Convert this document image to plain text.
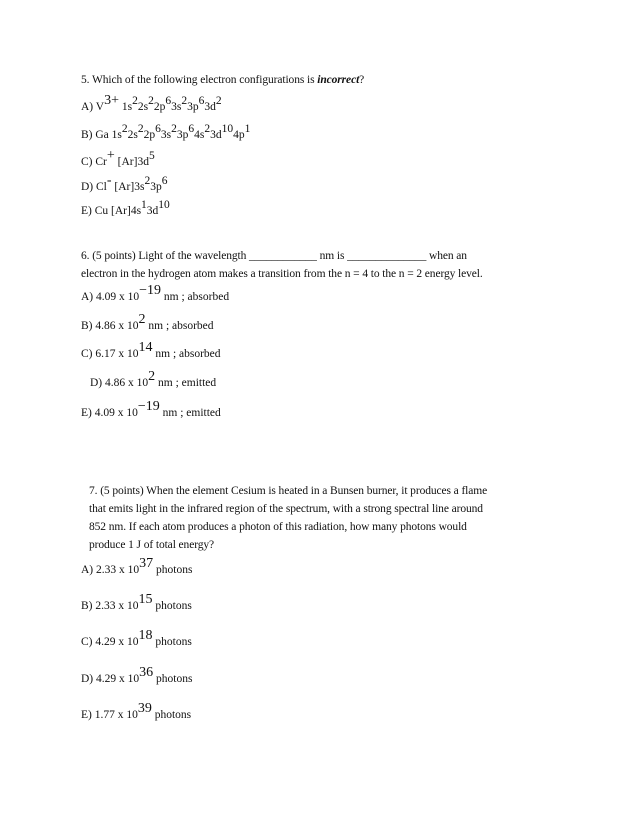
5. Which of the following electron configurations is incorrect?
A) $V^{3+}$ $1s^22s^22p^63s^23p^63d^2$
B) Ga $1s^22s^22p^63s^23p^64s^23d^{10}4p^1$
C) Cr+ $[Ar]3d^5$
D) Cl- $[Ar]3s^23p^6$
E) Cu $[Ar]4s^13d^{10}$
6. (5 points) Light of the wavelength ____________ nm is ______________ when an
electron in the hydrogen atom makes a transition from the n = 4 to the n = 2 energy level.
A) 4.09 x $10^{-19}$ nm ; absorbed
B) 4.86 x $10^2$ nm ; absorbed
C) 6.17 x $10^{14}$ nm ; absorbed
D) 4.86 x $10^2$ nm ; emitted
E) 4.09 x $10^{-19}$ nm ; emitted
7. (5 points) When the element Cesium is heated in a Bunsen burner, it produces a flame
that emits light in the infrared region of the spectrum, with a strong spectral line around
852 nm. If each atom produces a photon of this radiation, how many photons would
produce 1 J of total energy?
A) 2.33 x $10^{37}$ photons
B) 2.33 x $10^{15}$ photons
C) 4.29 x $10^{18}$ photons
D) 4.29 x $10^{36}$ photons
E) 1.77 x $10^{39}$ photons
